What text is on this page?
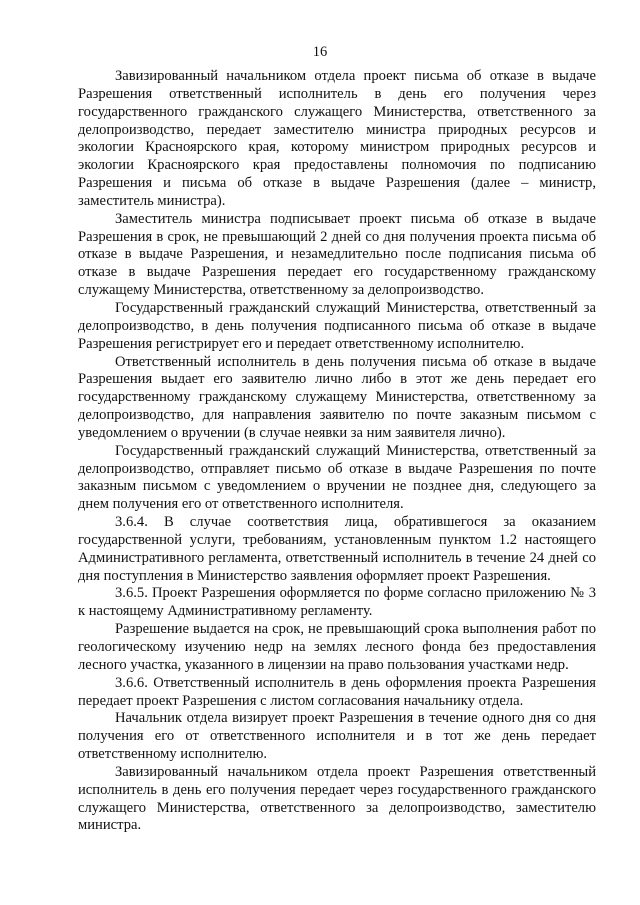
16

Завизированный начальником отдела проект письма об отказе в выдаче Разрешения ответственный исполнитель в день его получения через государственного гражданского служащего Министерства, ответственного за делопроизводство, передает заместителю министра природных ресурсов и экологии Красноярского края, которому министром природных ресурсов и экологии Красноярского края предоставлены полномочия по подписанию Разрешения и письма об отказе в выдаче Разрешения (далее – министр, заместитель министра).

Заместитель министра подписывает проект письма об отказе в выдаче Разрешения в срок, не превышающий 2 дней со дня получения проекта письма об отказе в выдаче Разрешения, и незамедлительно после подписания письма об отказе в выдаче Разрешения передает его государственному гражданскому служащему Министерства, ответственному за делопроизводство.

Государственный гражданский служащий Министерства, ответственный за делопроизводство, в день получения подписанного письма об отказе в выдаче Разрешения регистрирует его и передает ответственному исполнителю.

Ответственный исполнитель в день получения письма об отказе в выдаче Разрешения выдает его заявителю лично либо в этот же день передает его государственному гражданскому служащему Министерства, ответственному за делопроизводство, для направления заявителю по почте заказным письмом с уведомлением о вручении (в случае неявки за ним заявителя лично).

Государственный гражданский служащий Министерства, ответственный за делопроизводство, отправляет письмо об отказе в выдаче Разрешения по почте заказным письмом с уведомлением о вручении не позднее дня, следующего за днем получения его от ответственного исполнителя.

3.6.4. В случае соответствия лица, обратившегося за оказанием государственной услуги, требованиям, установленным пунктом 1.2 настоящего Административного регламента, ответственный исполнитель в течение 24 дней со дня поступления в Министерство заявления оформляет проект Разрешения.

3.6.5. Проект Разрешения оформляется по форме согласно приложению № 3 к настоящему Административному регламенту.

Разрешение выдается на срок, не превышающий срока выполнения работ по геологическому изучению недр на землях лесного фонда без предоставления лесного участка, указанного в лицензии на право пользования участками недр.

3.6.6. Ответственный исполнитель в день оформления проекта Разрешения передает проект Разрешения с листом согласования начальнику отдела.

Начальник отдела визирует проект Разрешения в течение одного дня со дня получения его от ответственного исполнителя и в тот же день передает ответственному исполнителю.

Завизированный начальником отдела проект Разрешения ответственный исполнитель в день его получения передает через государственного гражданского служащего Министерства, ответственного за делопроизводство, заместителю министра.
